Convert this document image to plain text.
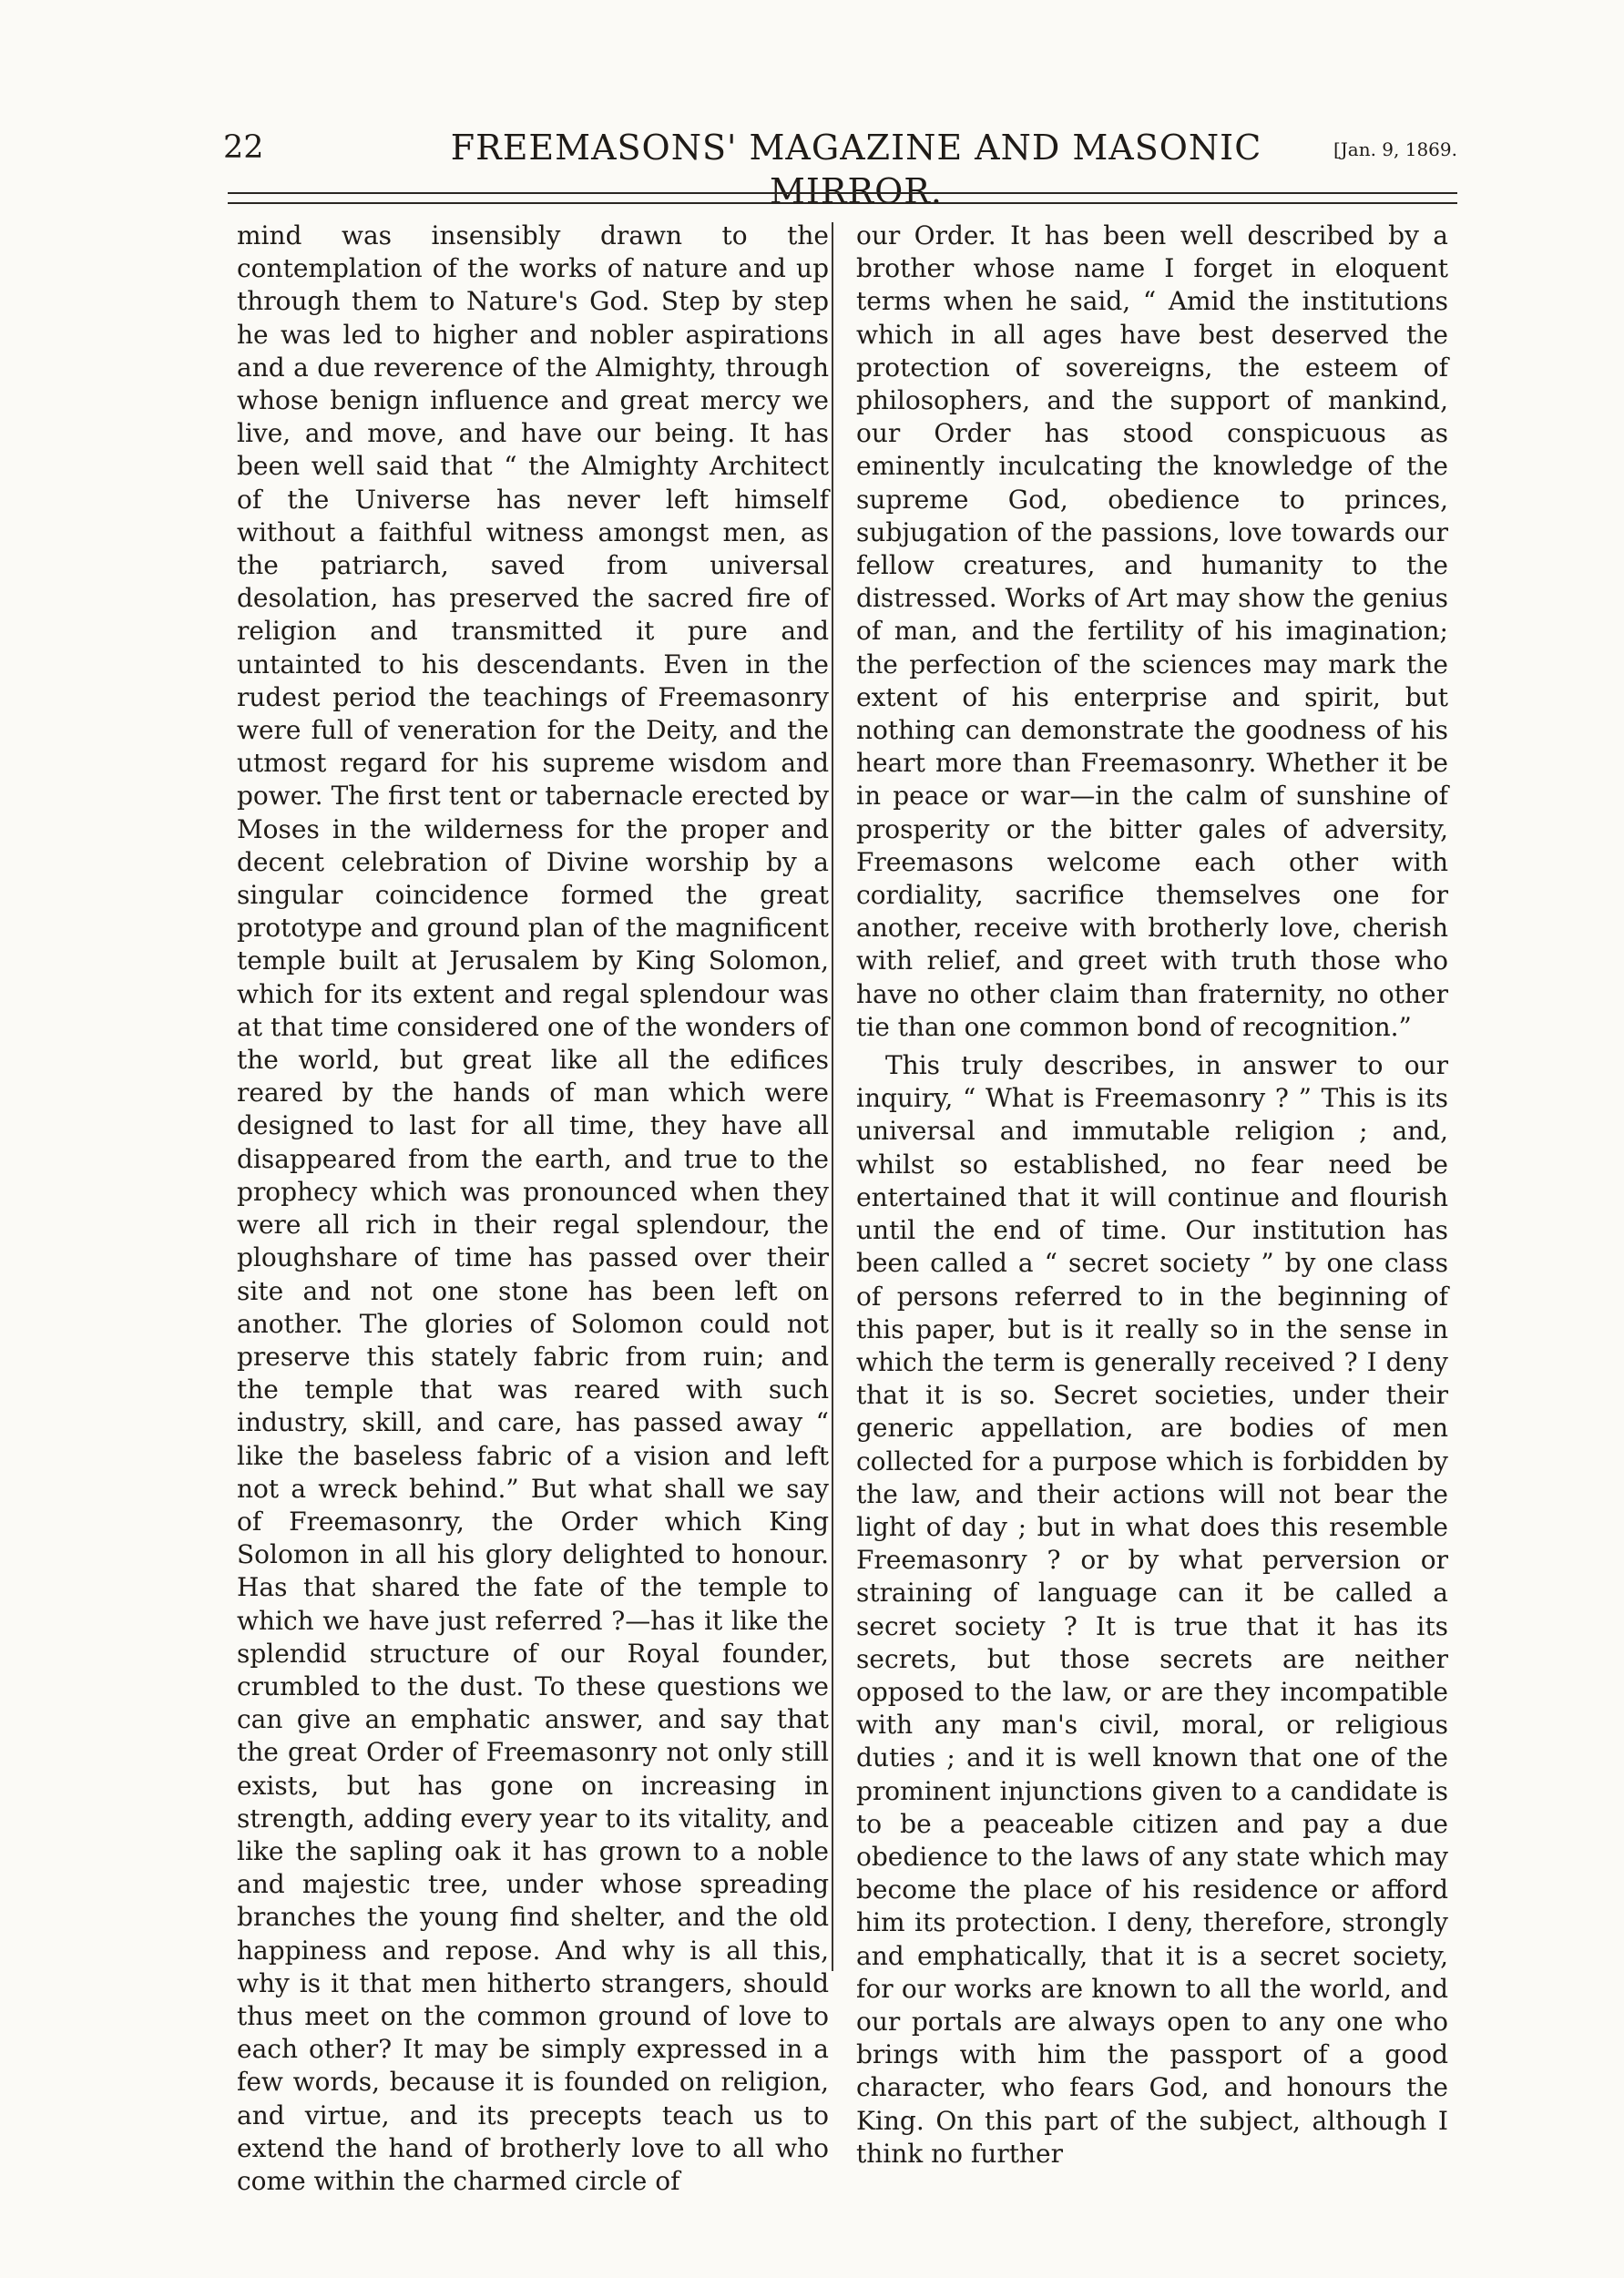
22	FREEMASONS' MAGAZINE AND MASONIC MIRROR.
[Jan. 9, 1869.

mind was insensibly drawn to the contemplation of the works of nature and up through them to Nature's God. Step by step he was led to higher and nobler aspirations and a due reverence of the Almighty, through whose benign influence and great mercy we live, and move, and have our being. It has been well said that “ the Almighty Architect of the Universe has never left himself without a faithful witness amongst men, as the patriarch, saved from universal desolation, has preserved the sacred fire of religion and transmitted it pure and untainted to his descendants. Even in the rudest period the teachings of Freemasonry were full of veneration for the Deity, and the utmost regard for his supreme wisdom and power. The first tent or tabernacle erected by Moses in the wilderness for the proper and decent celebration of Divine worship by a singular coincidence formed the great prototype and ground plan of the magnificent temple built at Jerusalem by King Solomon, which for its extent and regal splendour was at that time considered one of the wonders of the world, but great like all the edifices reared by the hands of man which were designed to last for all time, they have all disappeared from the earth, and true to the prophecy which was pronounced when they were all rich in their regal splendour, the ploughshare of time has passed over their site and not one stone has been left on another. The glories of Solomon could not preserve this stately fabric from ruin; and the temple that was reared with such industry, skill, and care, has passed away “ like the baseless fabric of a vision and left not a wreck behind.” But what shall we say of Freemasonry, the Order which King Solomon in all his glory delighted to honour. Has that shared the fate of the temple to which we have just referred ?—has it like the splendid structure of our Royal founder, crumbled to the dust. To these questions we can give an emphatic answer, and say that the great Order of Freemasonry not only still exists, but has gone on increasing in strength, adding every year to its vitality, and like the sapling oak it has grown to a noble and majestic tree, under whose spreading branches the young find shelter, and the old happiness and repose. And why is all this, why is it that men hitherto strangers, should thus meet on the common ground of love to each other? It may be simply expressed in a few words, because it is founded on religion, and virtue, and its precepts teach us to extend the hand of brotherly love to all who come within the charmed circle of

our Order. It has been well described by a brother whose name I forget in eloquent terms when he said, “ Amid the institutions which in all ages have best deserved the protection of sovereigns, the esteem of philosophers, and the support of mankind, our Order has stood conspicuous as eminently inculcating the knowledge of the supreme God, obedience to princes, subjugation of the passions, love towards our fellow creatures, and humanity to the distressed. Works of Art may show the genius of man, and the fertility of his imagination; the perfection of the sciences may mark the extent of his enterprise and spirit, but nothing can demonstrate the goodness of his heart more than Freemasonry. Whether it be in peace or war—in the calm of sunshine of prosperity or the bitter gales of adversity, Freemasons welcome each other with cordiality, sacrifice themselves one for another, receive with brotherly love, cherish with relief, and greet with truth those who have no other claim than fraternity, no other tie than one common bond of recognition.”

This truly describes, in answer to our inquiry, “ What is Freemasonry ? ” This is its universal and immutable religion ; and, whilst so established, no fear need be entertained that it will continue and flourish until the end of time. Our institution has been called a “ secret society ” by one class of persons referred to in the beginning of this paper, but is it really so in the sense in which the term is generally received ? I deny that it is so. Secret societies, under their generic appellation, are bodies of men collected for a purpose which is forbidden by the law, and their actions will not bear the light of day ; but in what does this resemble Freemasonry ? or by what perversion or straining of language can it be called a secret society ? It is true that it has its secrets, but those secrets are neither opposed to the law, or are they incompatible with any man's civil, moral, or religious duties ; and it is well known that one of the prominent injunctions given to a candidate is to be a peaceable citizen and pay a due obedience to the laws of any state which may become the place of his residence or afford him its protection. I deny, therefore, strongly and emphatically, that it is a secret society, for our works are known to all the world, and our portals are always open to any one who brings with him the passport of a good character, who fears God, and honours the King. On this part of the subject, although I think no further
